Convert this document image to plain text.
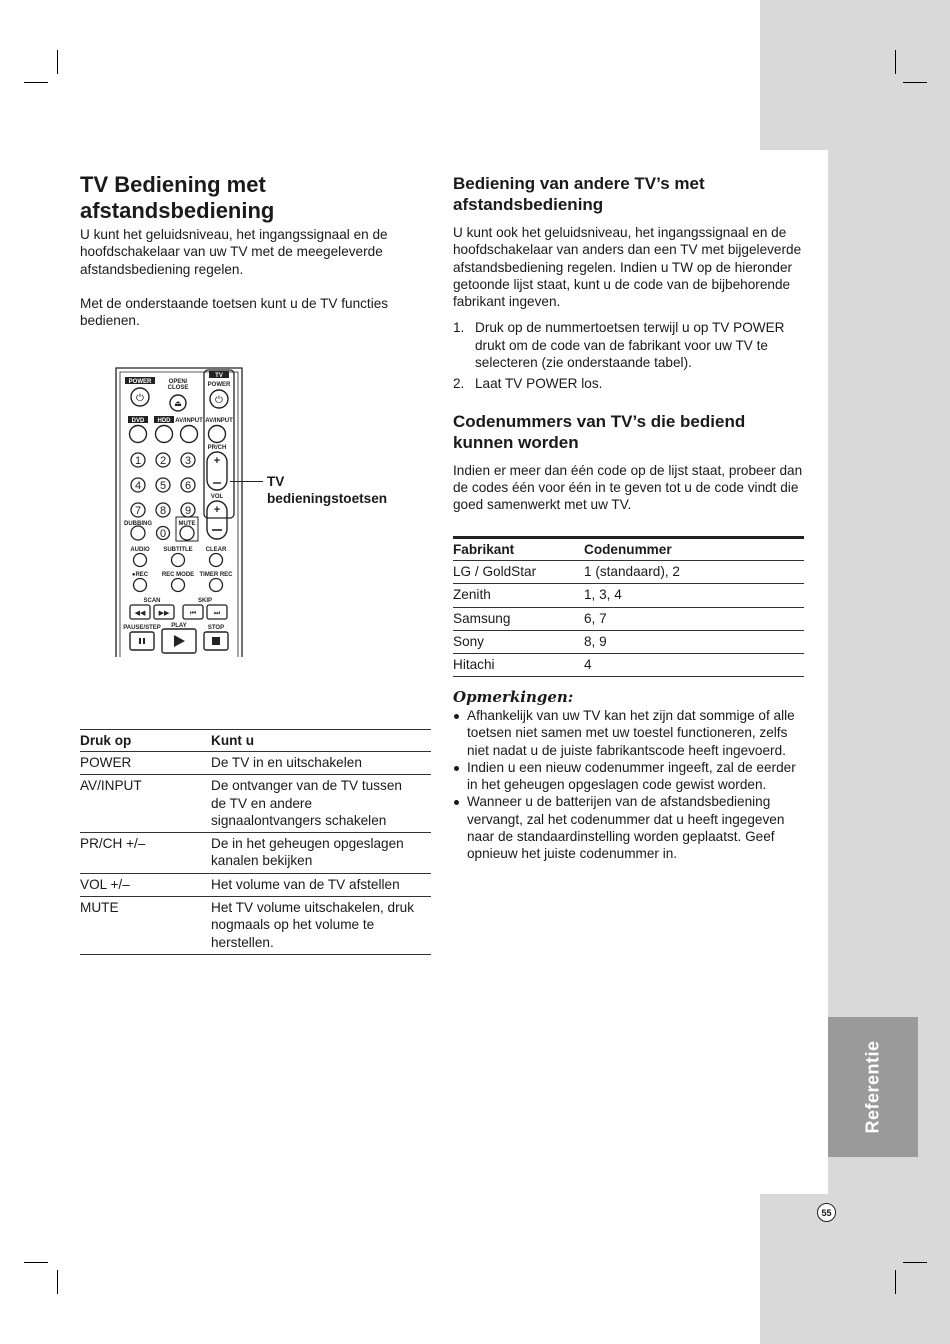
Referentie
TV Bediening met
afstandsbediening

U kunt het geluidsniveau, het ingangssignaal en de hoofdschakelaar van uw TV met de meegeleverde afstandsbediening regelen.

Met de onderstaande toetsen kunt u de TV functies bedienen.

TV
POWER	OPEN/
CLOSE	POWER
⏻	⏏	⏻
DVD HDD AV/INPUT AV/INPUT
PR/CH
+
VOL
+
1 2 3
4 5 6
7 8 9
0
DUBBING	MUTE
AUDIO SUBTITLE CLEAR
●REC REC MODE TIMER REC
SCAN	SKIP
◀◀ ▶▶	⏮	⏭
PAUSE/STEP PLAY	STOP
TV
bedieningstoetsen
Druk op	Kunt u
POWER	De TV in en uitschakelen
AV/INPUT	De ontvanger van de TV tussen de TV en andere signaalontvangers schakelen
PR/CH +/–	De in het geheugen opgeslagen kanalen bekijken
VOL +/–	Het volume van de TV afstellen
MUTE	Het TV volume uitschakelen, druk nogmaals op het volume te herstellen.
Bediening van andere TV’s met
afstandsbediening

U kunt ook het geluidsniveau, het ingangssignaal en de hoofdschakelaar van anders dan een TV met bijgeleverde afstandsbediening regelen. Indien u TW op de hieronder getoonde lijst staat, kunt u de code van de bijbehorende fabrikant ingeven.

1. Druk op de nummertoetsen terwijl u op TV POWER drukt om de code van de fabrikant voor uw TV te selecteren (zie onderstaande tabel).
2. Laat TV POWER los.
Codenummers van TV’s die bediend
kunnen worden

Indien er meer dan één code op de lijst staat, probeer dan de codes één voor één in te geven tot u de code vindt die goed samenwerkt met uw TV.

Fabrikant	Codenummer
LG / GoldStar	1 (standaard), 2
Zenith	1, 3, 4
Samsung	6, 7
Sony	8, 9
Hitachi	4
Opmerkingen:
Afhankelijk van uw TV kan het zijn dat sommige of alle toetsen niet samen met uw toestel functioneren, zelfs niet nadat u de juiste fabrikantscode heeft ingevoerd.
Indien u een nieuw codenummer ingeeft, zal de eerder in het geheugen opgeslagen code gewist worden.
Wanneer u de batterijen van de afstandsbediening vervangt, zal het codenummer dat u heeft ingegeven naar de standaardinstelling worden geplaatst. Geef opnieuw het juiste codenummer in.
55
